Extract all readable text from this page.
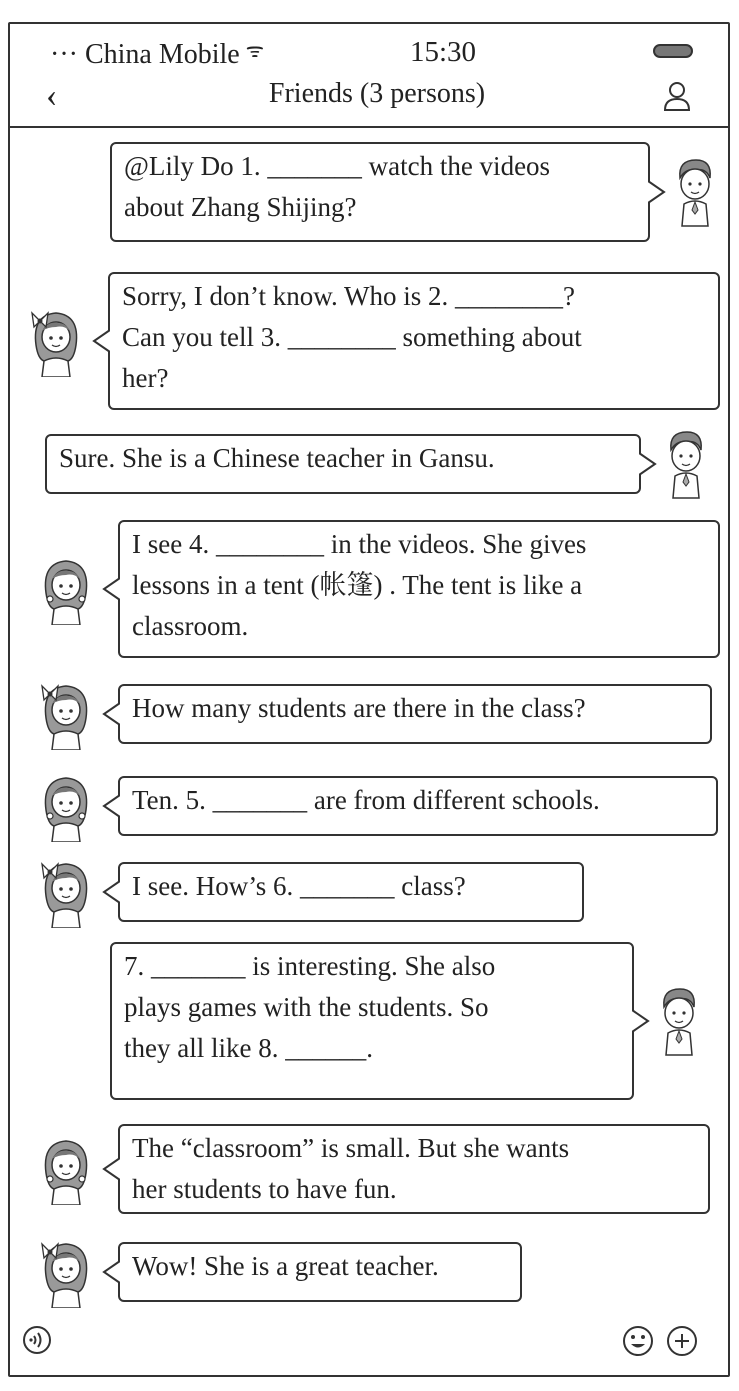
··· China Mobile $^ᯤ$	15:30
‹	Friends (3 persons)
@Lily Do 1. _______ watch the videos
about Zhang Shijing?
Sorry, I don’t know. Who is 2. ________?
Can you tell 3. ________ something about
her?
Sure. She is a Chinese teacher in Gansu.
I see 4. ________ in the videos. She gives
lessons in a tent (帐篷) . The tent is like a
classroom.
How many students are there in the class?
Ten. 5. _______ are from different schools.
I see. How’s 6. _______ class?
7. _______ is interesting. She also
plays games with the students. So
they all like 8. ______.
The “classroom” is small. But she wants
her students to have fun.
Wow! She is a great teacher.
